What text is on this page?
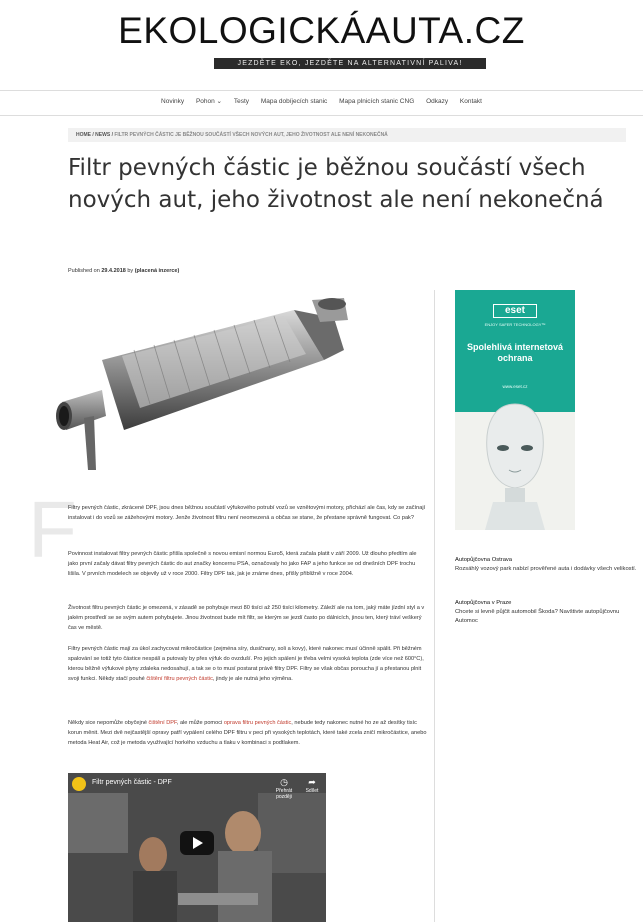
EKOLOGICKÁAUTA.CZ
JEZDĚTE EKO, JEZDĚTE NA ALTERNATIVNÍ PALIVA!
Novinky Pohon ⌄ Testy Mapa dobíjecích stanic Mapa plnicích stanic CNG Odkazy Kontakt
HOME / NEWS / FILTR PEVNÝCH ČÁSTIC JE BĚŽNOU SOUČÁSTÍ VŠECH NOVÝCH AUT, JEHO ŽIVOTNOST ALE NENÍ NEKONEČNÁ
Filtr pevných částic je běžnou součástí všech nových aut, jeho životnost ale není nekonečná
Published on 29.4.2018 by (placená inzerce)
F

Filtry pevných částic, zkrácené DPF, jsou dnes běžnou součástí výfukového potrubí vozů se vznětovými motory, přichází ale čas, kdy se začínají instalovat i do vozů se zážehovými motory. Jenže životnost filtru není neomezená a občas se stane, že přestane správně fungovat. Co pak?

Povinnost instalovat filtry pevných částic přišla společně s novou emisní normou Euro5, která začala platit v září 2009. Už dlouho předtím ale jako první začaly dávat filtry pevných částic do aut značky koncernu PSA, označovaly ho jako FAP a jeho funkce se od dnešních DPF trochu lišila. V prvních modelech se objevily už v roce 2000. Filtry DPF tak, jak je známe dnes, přišly přibližně v roce 2004.

Životnost filtru pevných částic je omezená, v zásadě se pohybuje mezi 80 tisíci až 250 tisíci kilometry. Záleží ale na tom, jaký máte jízdní styl a v jakém prostředí se se svým autem pohybujete. Jinou životnost bude mít filtr, se kterým se jezdí často po dálnicích, jinou ten, který tráví veškerý čas ve městě.

Filtry pevných částic mají za úkol zachycovat mikročástice (zejména síry, dusičnany, soli a kovy), které nakonec musí účinně spálit. Při běžném spalování se totiž tyto částice nespálí a putovaly by přes výfuk do ovzduší. Pro jejich spálení je třeba velmi vysoká teplota (zde více než 600°C), kterou běžně výfukové plyny zdaleka nedosahují, a tak se o to musí postarat právě filtry DPF. Filtry se však občas poroucha jí a přestanou plnit svoji funkci. Někdy stačí pouhé čištění filtru pevných částic, jindy je ale nutná jeho výměna.

Někdy sice nepomůže obyčejné čištění DPF, ale může pomoci oprava filtru pevných částic, nebude tedy nakonec nutné ho ze až desítky tisíc korun měnit. Mezi dvě nejčastější opravy patří vypálení celého DPF filtru v peci při vysokých teplotách, které také zcela zničí mikročástice, anebo metoda Heat Air, což je metoda využívající horkého vzduchu a tlaku v kombinaci s podtlakem.

Filtr pevných částic - DPF	◷
Přehrát později
➦
Sdílet
eset
ENJOY SAFER TECHNOLOGY™
Spolehlivá internetová ochrana
www.eset.cz
Autopůjčovna Ostrava
Rozsáhlý vozový park nabízí prověřené auta i dodávky všech velikostí.
Autopůjčovna v Praze
Chcete si levně půjčit automobil Škoda? Navštivte autopůjčovnu Automoc
